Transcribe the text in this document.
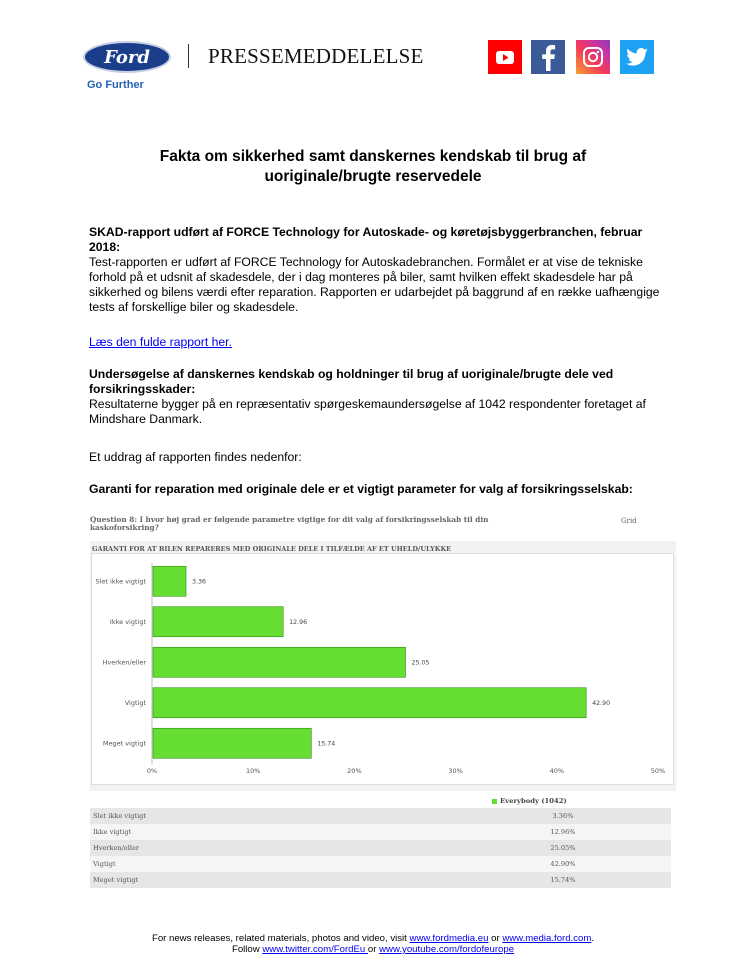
Ford
Go Further
PRESSEMEDDELELSE
Fakta om sikkerhed samt danskernes kendskab til brug af uoriginale/brugte reservedele
SKAD-rapport udført af FORCE Technology for Autoskade- og køretøjsbyggerbranchen, februar 2018:
Test-rapporten er udført af FORCE Technology for Autoskadebranchen. Formålet er at vise de tekniske forhold på et udsnit af skadesdele, der i dag monteres på biler, samt hvilken effekt skadesdele har på sikkerhed og bilens værdi efter reparation. Rapporten er udarbejdet på baggrund af en række uafhængige tests af forskellige biler og skadesdele.
Læs den fulde rapport her.
Undersøgelse af danskernes kendskab og holdninger til brug af uoriginale/brugte dele ved forsikringsskader:
Resultaterne bygger på en repræsentativ spørgeskemaundersøgelse af 1042 respondenter foretaget af Mindshare Danmark.
Et uddrag af rapporten findes nedenfor:
Garanti for reparation med originale dele er et vigtigt parameter for valg af forsikringsselskab:
Question 8: I hvor høj grad er følgende parametre vigtige for dit valg af forsikringsselskab til din kaskoforsikring?
Grid
GARANTI FOR AT BILEN REPARERES MED ORIGINALE DELE I TILFÆLDE AF ET UHELD/ULYKKE
Slet ikke vigtigt	3.36
Ikke vigtigt	12.96
Hverken/eller	25.05
Vigtigt	42.90
Meget vigtigt	15.74
0%	10%	20%	30%	40%	50%
Everybody (1042)
Slet ikke vigtigt	3.36%
Ikke vigtigt	12.96%
Hverken/eller	25.05%
Vigtigt	42.90%
Meget vigtigt	15.74%
For news releases, related materials, photos and video, visit www.fordmedia.eu or www.media.ford.com.
Follow www.twitter.com/FordEu or www.youtube.com/fordofeurope
